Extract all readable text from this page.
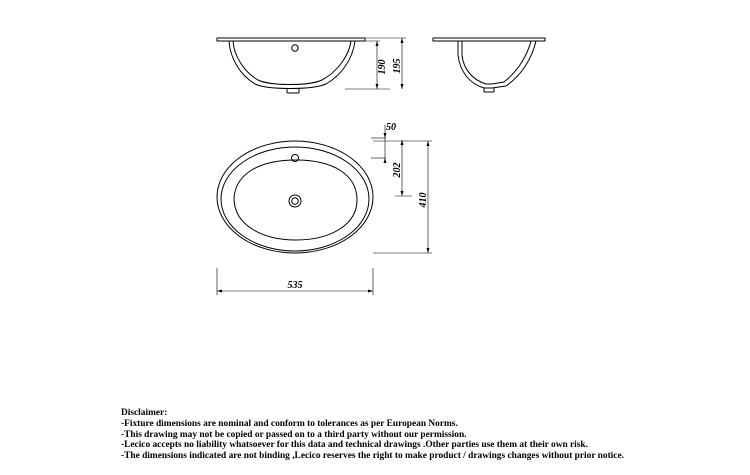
190 195
50
202
410
535
Disclaimer:
-Fixture dimensions are nominal and conform to tolerances as per European Norms.
-This drawing may not be copied or passed on to a third party without our permission.
-Lecico accepts no liability whatsoever for this data and technical drawings .Other parties use them at their own risk.
-The dimensions indicated are not binding ,Lecico reserves the right to make product / drawings changes without prior notice.
